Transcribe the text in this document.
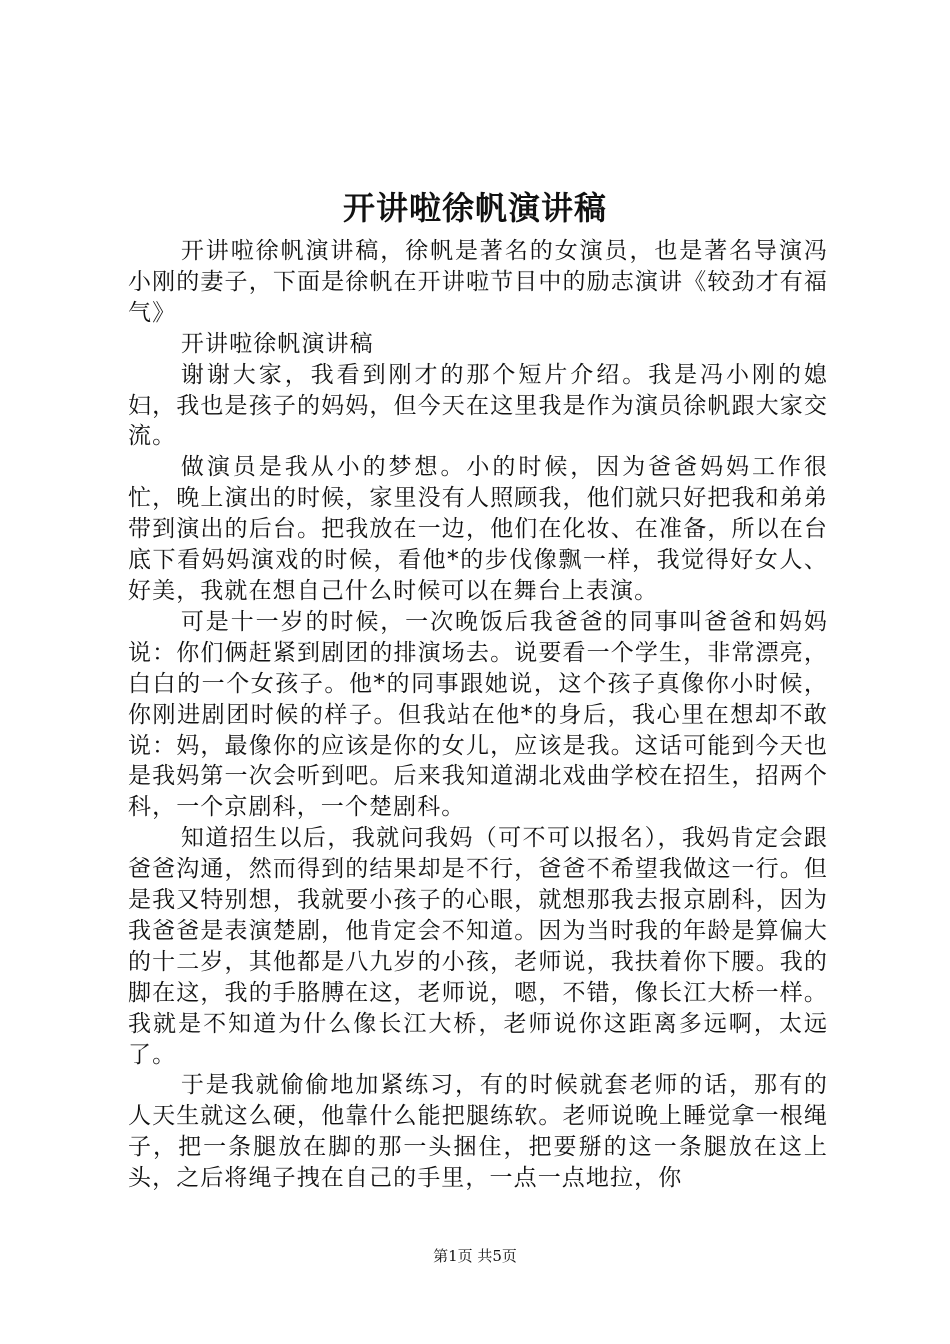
开讲啦徐帆演讲稿

开讲啦徐帆演讲稿，徐帆是著名的女演员，也是著名导演冯小刚的妻子，下面是徐帆在开讲啦节目中的励志演讲《较劲才有福气》

开讲啦徐帆演讲稿

谢谢大家，我看到刚才的那个短片介绍。我是冯小刚的媳妇，我也是孩子的妈妈，但今天在这里我是作为演员徐帆跟大家交流。

做演员是我从小的梦想。小的时候，因为爸爸妈妈工作很忙，晚上演出的时候，家里没有人照顾我，他们就只好把我和弟弟带到演出的后台。把我放在一边，他们在化妆、在准备，所以在台底下看妈妈演戏的时候，看他*的步伐像飘一样，我觉得好女人、好美，我就在想自己什么时候可以在舞台上表演。

可是十一岁的时候，一次晚饭后我爸爸的同事叫爸爸和妈妈说：你们俩赶紧到剧团的排演场去。说要看一个学生，非常漂亮，白白的一个女孩子。他*的同事跟她说，这个孩子真像你小时候，你刚进剧团时候的样子。但我站在他*的身后，我心里在想却不敢说：妈，最像你的应该是你的女儿，应该是我。这话可能到今天也是我妈第一次会听到吧。后来我知道湖北戏曲学校在招生，招两个科，一个京剧科，一个楚剧科。

知道招生以后，我就问我妈（可不可以报名），我妈肯定会跟爸爸沟通，然而得到的结果却是不行，爸爸不希望我做这一行。但是我又特别想，我就要小孩子的心眼，就想那我去报京剧科，因为我爸爸是表演楚剧，他肯定会不知道。因为当时我的年龄是算偏大的十二岁，其他都是八九岁的小孩，老师说，我扶着你下腰。我的脚在这，我的手胳膊在这，老师说，嗯，不错，像长江大桥一样。我就是不知道为什么像长江大桥，老师说你这距离多远啊，太远了。

于是我就偷偷地加紧练习，有的时候就套老师的话，那有的人天生就这么硬，他靠什么能把腿练软。老师说晚上睡觉拿一根绳子，把一条腿放在脚的那一头捆住，把要掰的这一条腿放在这上头，之后将绳子拽在自己的手里，一点一点地拉，你

第1页 共5页
